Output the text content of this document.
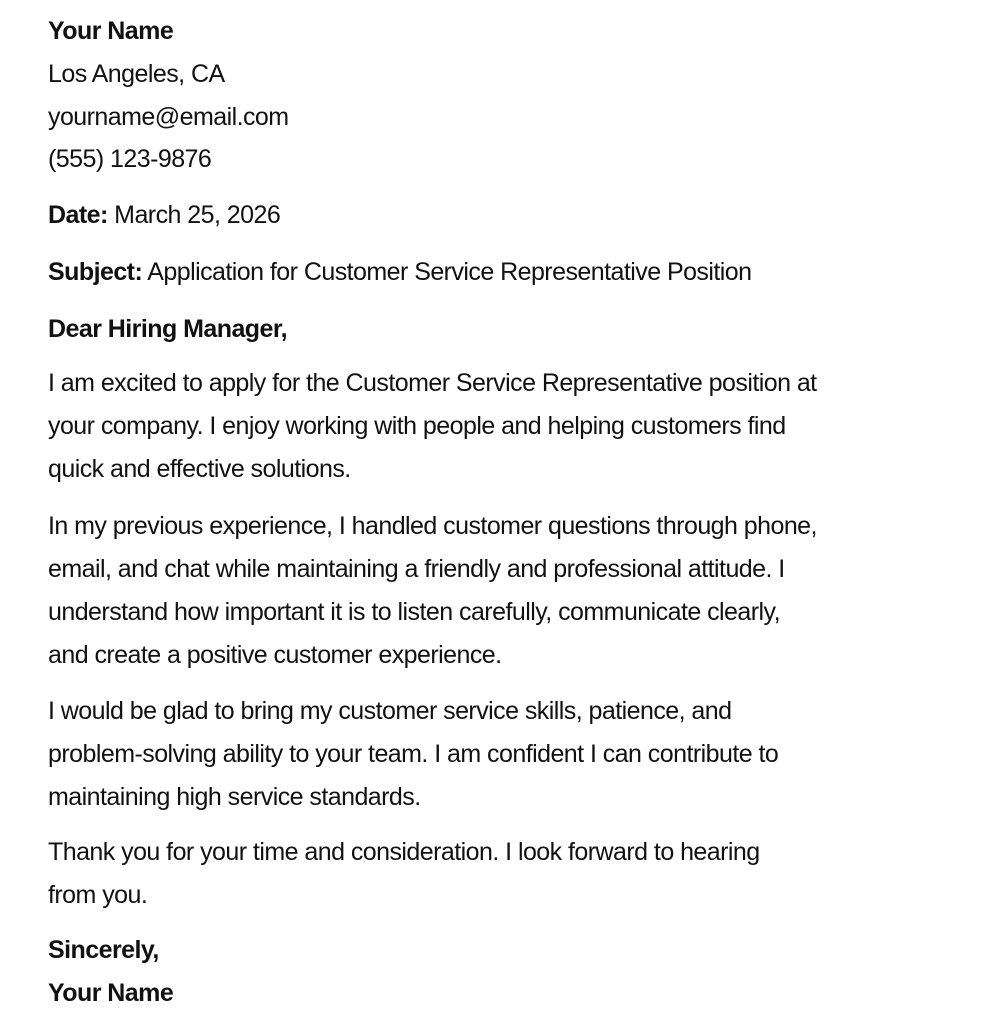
Your Name
Los Angeles, CA
yourname@email.com
(555) 123-9876
Date: March 25, 2026
Subject: Application for Customer Service Representative Position
Dear Hiring Manager,
I am excited to apply for the Customer Service Representative position at
your company. I enjoy working with people and helping customers find
quick and effective solutions.
In my previous experience, I handled customer questions through phone,
email, and chat while maintaining a friendly and professional attitude. I
understand how important it is to listen carefully, communicate clearly,
and create a positive customer experience.
I would be glad to bring my customer service skills, patience, and
problem-solving ability to your team. I am confident I can contribute to
maintaining high service standards.
Thank you for your time and consideration. I look forward to hearing
from you.
Sincerely,
Your Name
